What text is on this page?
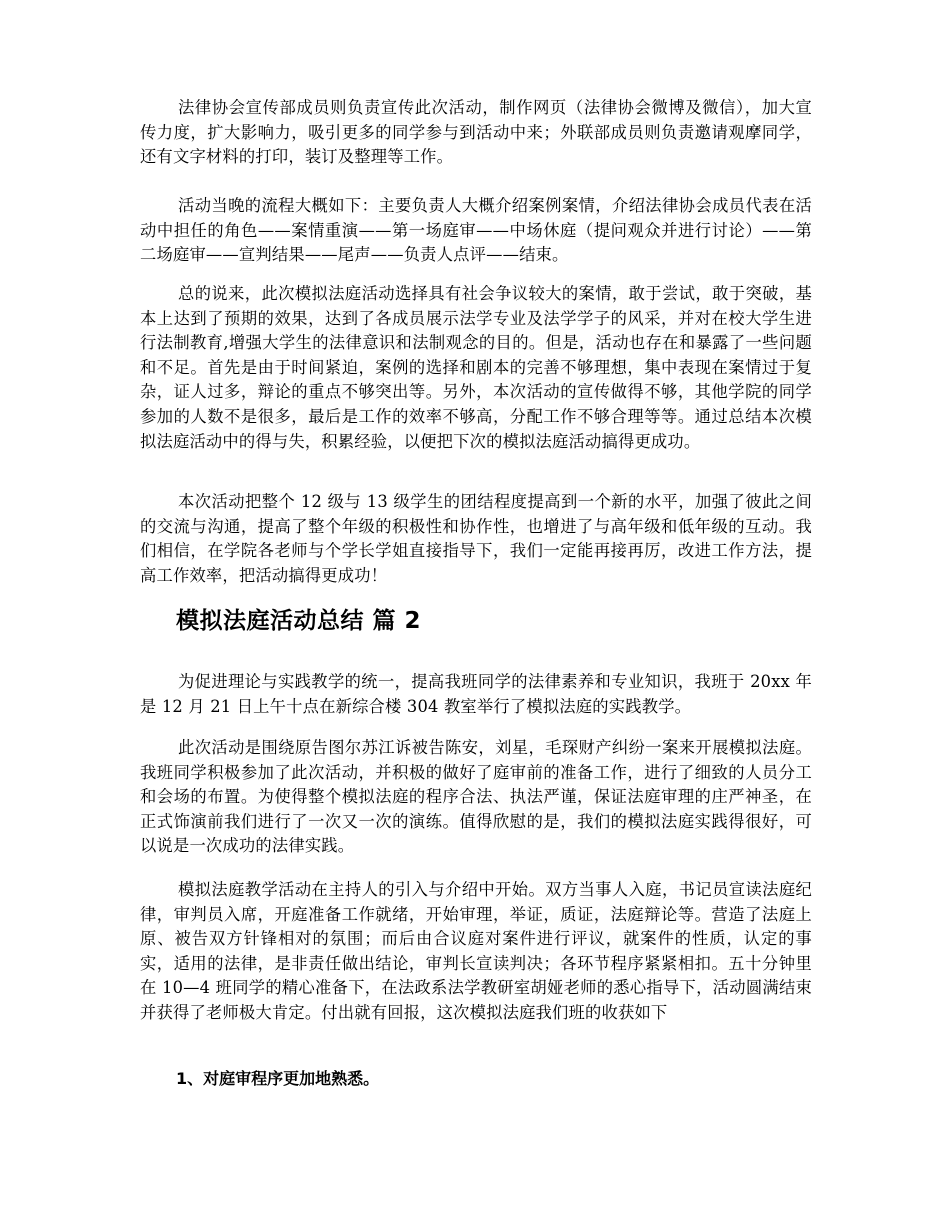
法律协会宣传部成员则负责宣传此次活动，制作网页（法律协会微博及微信），加大宣传力度，扩大影响力，吸引更多的同学参与到活动中来；外联部成员则负责邀请观摩同学，还有文字材料的打印，装订及整理等工作。

活动当晚的流程大概如下：主要负责人大概介绍案例案情，介绍法律协会成员代表在活动中担任的角色——案情重演——第一场庭审——中场休庭（提问观众并进行讨论）——第二场庭审——宣判结果——尾声——负责人点评——结束。

总的说来，此次模拟法庭活动选择具有社会争议较大的案情，敢于尝试，敢于突破，基本上达到了预期的效果，达到了各成员展示法学专业及法学学子的风采，并对在校大学生进行法制教育,增强大学生的法律意识和法制观念的目的。但是，活动也存在和暴露了一些问题和不足。首先是由于时间紧迫，案例的选择和剧本的完善不够理想，集中表现在案情过于复杂，证人过多，辩论的重点不够突出等。另外，本次活动的宣传做得不够，其他学院的同学参加的人数不是很多，最后是工作的效率不够高，分配工作不够合理等等。通过总结本次模拟法庭活动中的得与失，积累经验，以便把下次的模拟法庭活动搞得更成功。

本次活动把整个 12 级与 13 级学生的团结程度提高到一个新的水平，加强了彼此之间的交流与沟通，提高了整个年级的积极性和协作性，也增进了与高年级和低年级的互动。我们相信，在学院各老师与个学长学姐直接指导下，我们一定能再接再厉，改进工作方法，提高工作效率，把活动搞得更成功！

模拟法庭活动总结 篇 2

为促进理论与实践教学的统一，提高我班同学的法律素养和专业知识，我班于 20xx 年是 12 月 21 日上午十点在新综合楼 304 教室举行了模拟法庭的实践教学。

此次活动是围绕原告图尔苏江诉被告陈安，刘星，毛琛财产纠纷一案来开展模拟法庭。我班同学积极参加了此次活动，并积极的做好了庭审前的准备工作，进行了细致的人员分工和会场的布置。为使得整个模拟法庭的程序合法、执法严谨，保证法庭审理的庄严神圣，在正式饰演前我们进行了一次又一次的演练。值得欣慰的是，我们的模拟法庭实践得很好，可以说是一次成功的法律实践。

模拟法庭教学活动在主持人的引入与介绍中开始。双方当事人入庭，书记员宣读法庭纪律，审判员入席，开庭准备工作就绪，开始审理，举证，质证，法庭辩论等。营造了法庭上原、被告双方针锋相对的氛围；而后由合议庭对案件进行评议，就案件的性质，认定的事实，适用的法律，是非责任做出结论，审判长宣读判决；各环节程序紧紧相扣。五十分钟里在 10—4 班同学的精心准备下，在法政系法学教研室胡娅老师的悉心指导下，活动圆满结束并获得了老师极大肯定。付出就有回报，这次模拟法庭我们班的收获如下

1、对庭审程序更加地熟悉。
